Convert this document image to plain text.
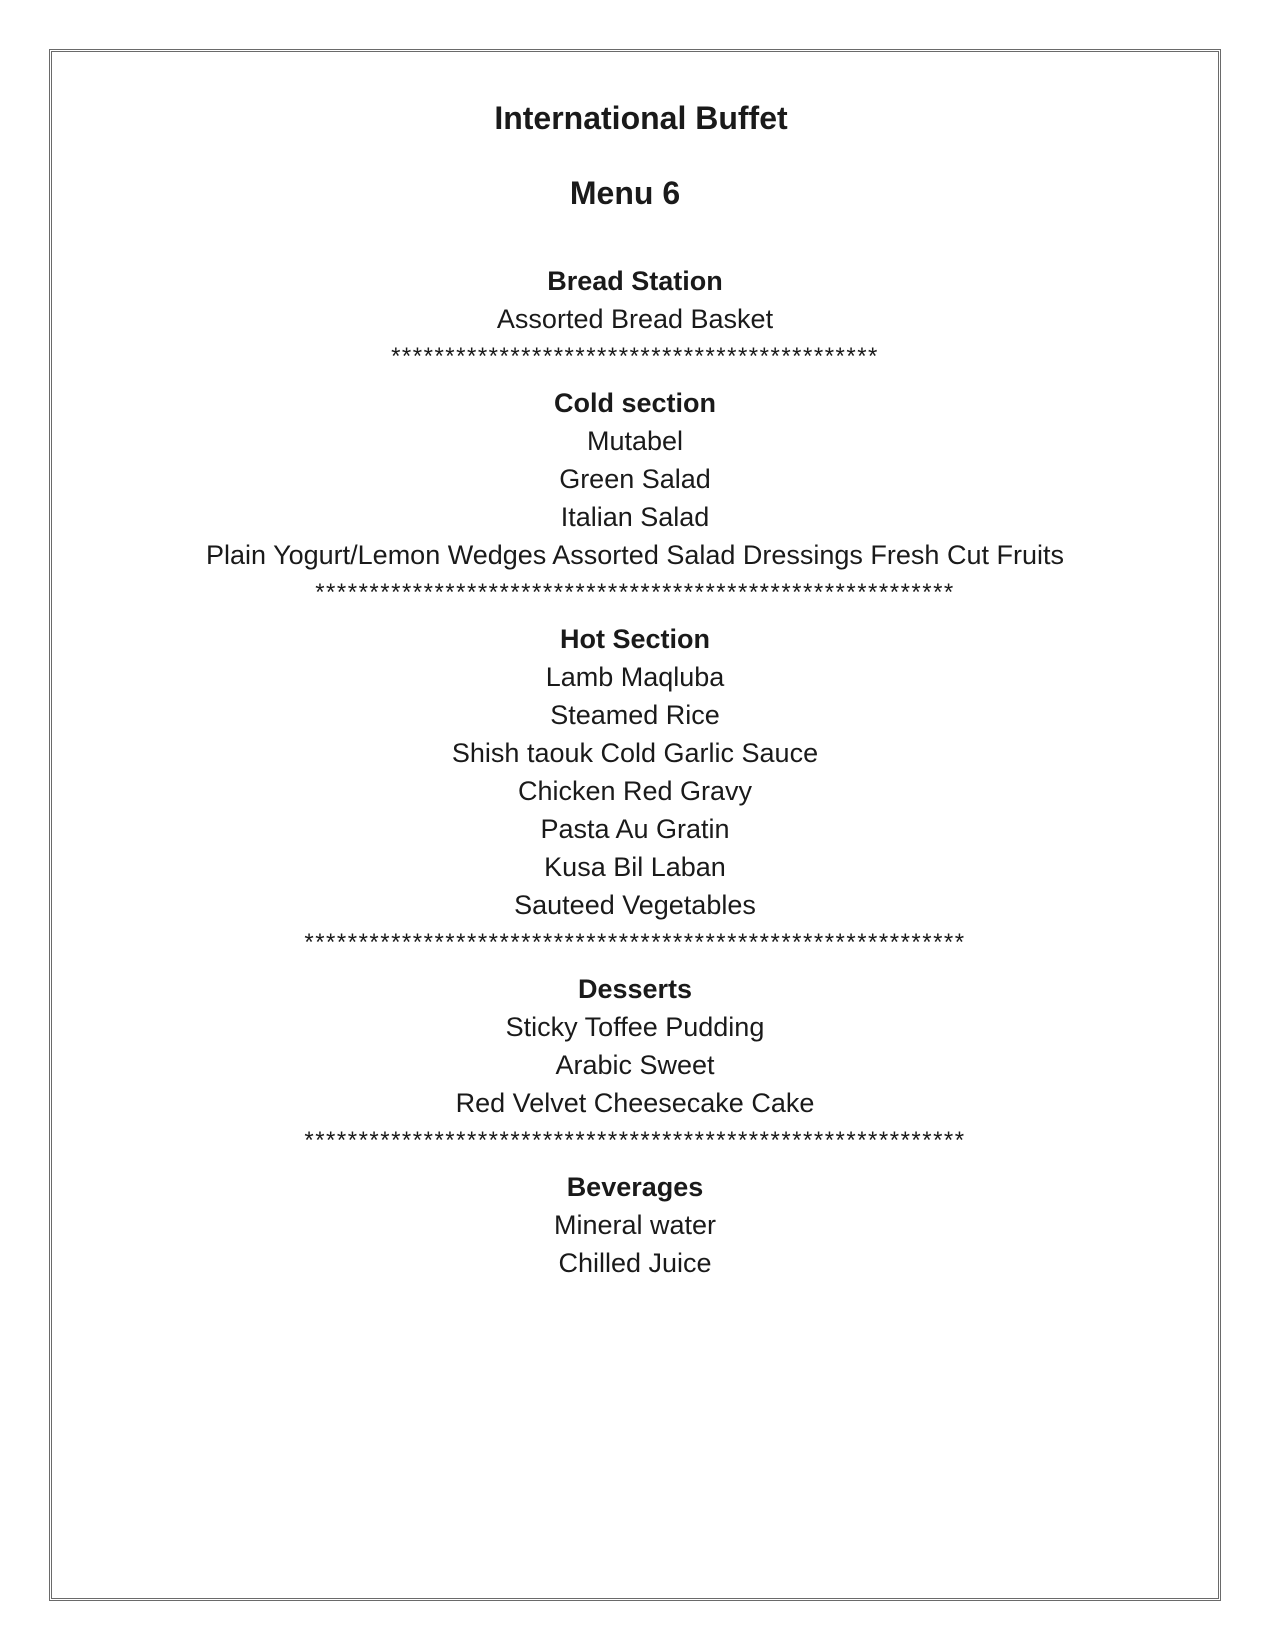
International Buffet
Menu 6

Bread Station

Assorted Bread Basket

*********************************************

Cold section

Mutabel

Green Salad

Italian Salad

Plain Yogurt/Lemon Wedges Assorted Salad Dressings Fresh Cut Fruits

***********************************************************

Hot Section

Lamb Maqluba

Steamed Rice

Shish taouk Cold Garlic Sauce

Chicken Red Gravy

Pasta Au Gratin

Kusa Bil Laban

Sauteed Vegetables

*************************************************************

Desserts

Sticky Toffee Pudding

Arabic Sweet

Red Velvet Cheesecake Cake

*************************************************************

Beverages

Mineral water

Chilled Juice
